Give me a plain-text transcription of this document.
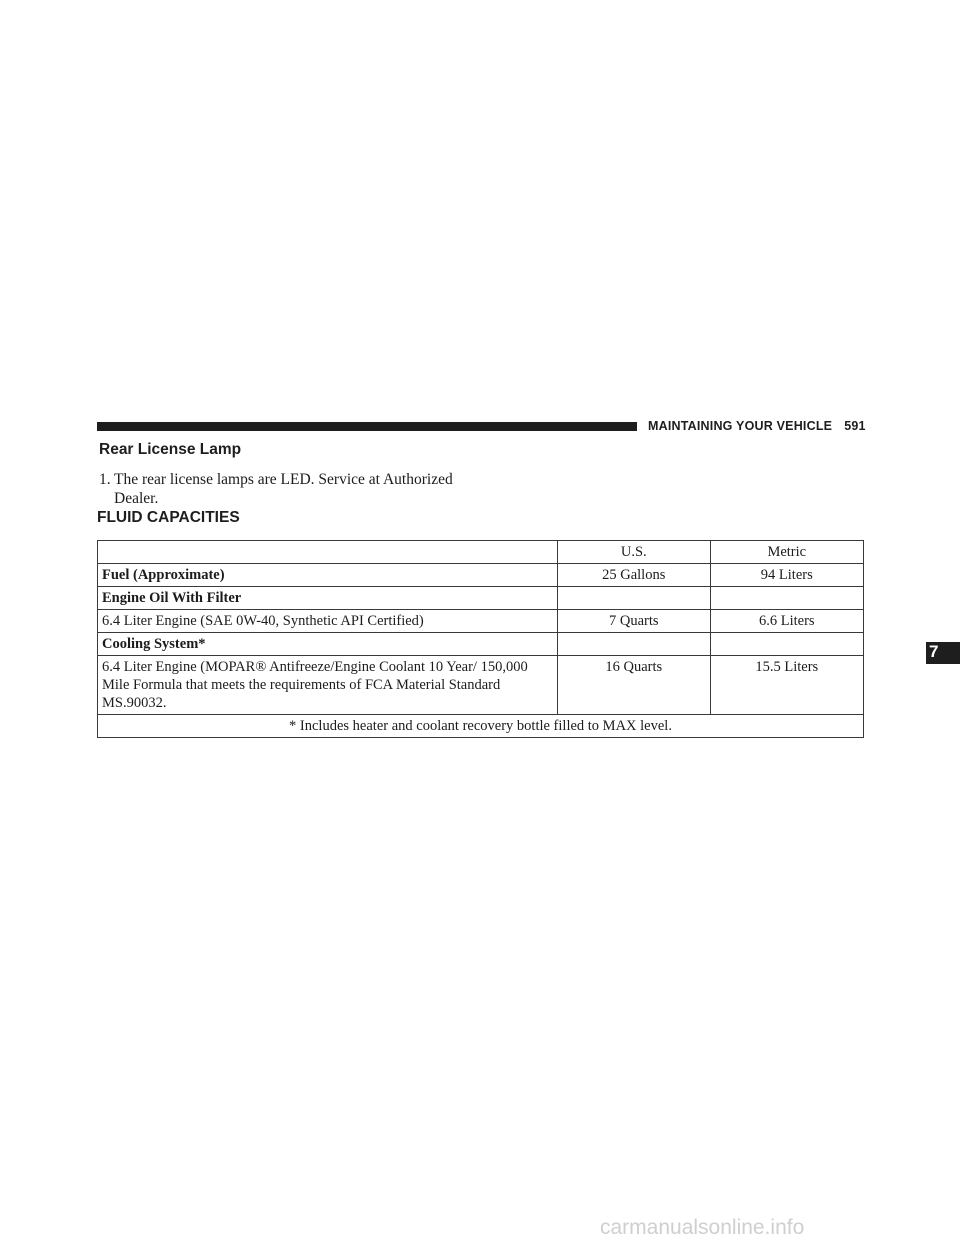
MAINTAINING YOUR VEHICLE 591
Rear License Lamp
1. The rear license lamps are LED. Service at Authorized
Dealer.
FLUID CAPACITIES
	U.S.	Metric
Fuel (Approximate)	25 Gallons	94 Liters
Engine Oil With Filter		
6.4 Liter Engine (SAE 0W-40, Synthetic API Certified)	7 Quarts	6.6 Liters
Cooling System*		
6.4 Liter Engine (MOPAR® Antifreeze/Engine Coolant 10 Year/ 150,000 Mile Formula that meets the requirements of FCA Material Standard MS.90032.	16 Quarts	15.5 Liters
* Includes heater and coolant recovery bottle filled to MAX level.		
7
carmanualsonline.info
